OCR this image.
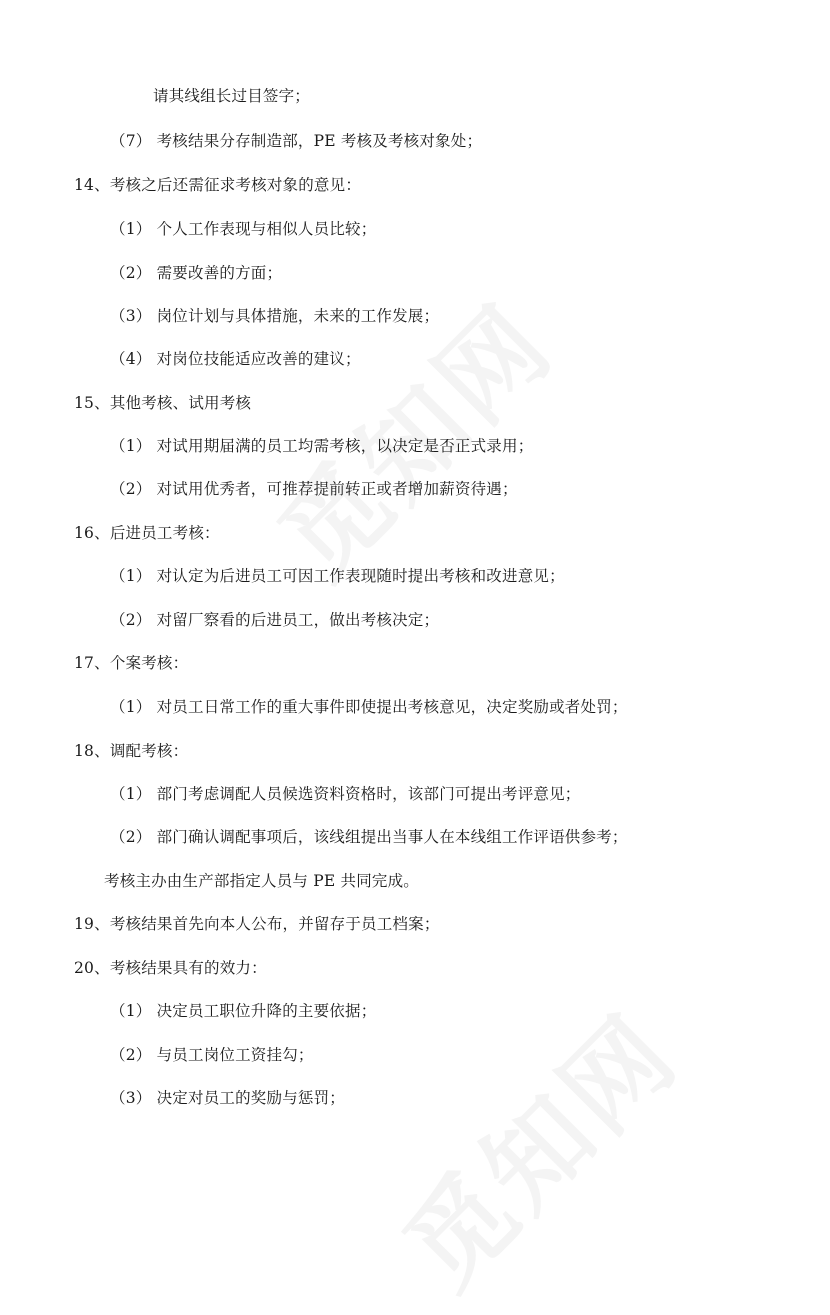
请其线组长过目签字；
（7） 考核结果分存制造部，PE 考核及考核对象处；
14、考核之后还需征求考核对象的意见：
（1） 个人工作表现与相似人员比较；
（2） 需要改善的方面；
（3） 岗位计划与具体措施，未来的工作发展；
（4） 对岗位技能适应改善的建议；
15、其他考核、试用考核
（1） 对试用期届满的员工均需考核，以决定是否正式录用；
（2） 对试用优秀者，可推荐提前转正或者增加薪资待遇；
16、后进员工考核：
（1） 对认定为后进员工可因工作表现随时提出考核和改进意见；
（2） 对留厂察看的后进员工，做出考核决定；
17、个案考核：
（1） 对员工日常工作的重大事件即使提出考核意见，决定奖励或者处罚；
18、调配考核：
（1） 部门考虑调配人员候选资料资格时，该部门可提出考评意见；
（2） 部门确认调配事项后，该线组提出当事人在本线组工作评语供参考；
考核主办由生产部指定人员与 PE 共同完成。
19、考核结果首先向本人公布，并留存于员工档案；
20、考核结果具有的效力：
（1） 决定员工职位升降的主要依据；
（2） 与员工岗位工资挂勾；
（3） 决定对员工的奖励与惩罚；
